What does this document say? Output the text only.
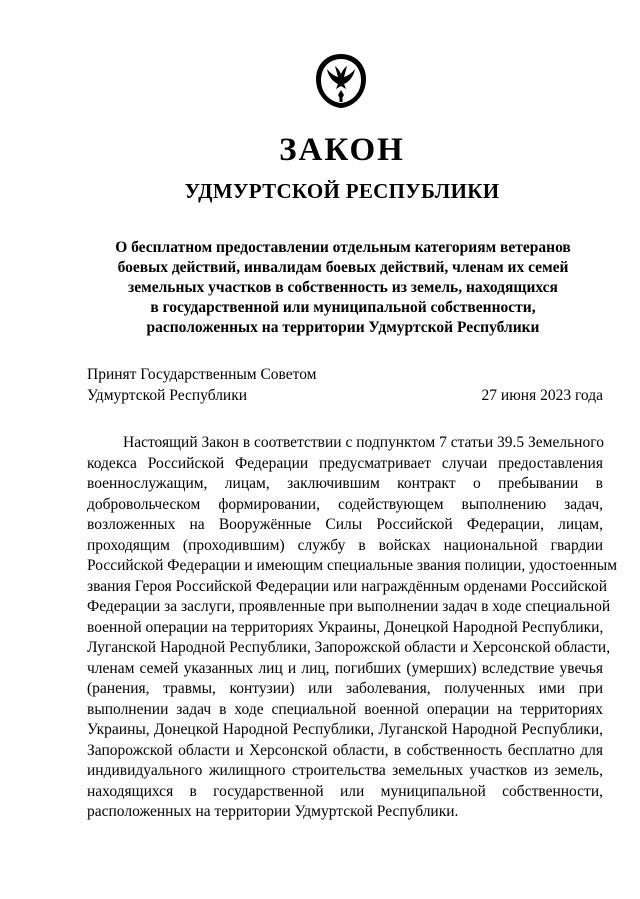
ЗАКОН
УДМУРТСКОЙ РЕСПУБЛИКИ
О бесплатном предоставлении отдельным категориям ветеранов
боевых действий, инвалидам боевых действий, членам их семей
земельных участков в собственность из земель, находящихся
в государственной или муниципальной собственности,
расположенных на территории Удмуртской Республики
Принят Государственным Советом
Удмуртской Республики	27 июня 2023 года
Настоящий Закон в соответствии с подпунктом 7 статьи 39.5 Земельного
кодекса Российской Федерации предусматривает случаи предоставления
военнослужащим, лицам, заключившим контракт о пребывании в
добровольческом формировании, содействующем выполнению задач,
возложенных на Вооружённые Силы Российской Федерации, лицам,
проходящим (проходившим) службу в войсках национальной гвардии
Российской Федерации и имеющим специальные звания полиции, удостоенным
звания Героя Российской Федерации или награждённым орденами Российской
Федерации за заслуги, проявленные при выполнении задач в ходе специальной
военной операции на территориях Украины, Донецкой Народной Республики,
Луганской Народной Республики, Запорожской области и Херсонской области,
членам семей указанных лиц и лиц, погибших (умерших) вследствие увечья
(ранения, травмы, контузии) или заболевания, полученных ими при
выполнении задач в ходе специальной военной операции на территориях
Украины, Донецкой Народной Республики, Луганской Народной Республики,
Запорожской области и Херсонской области, в собственность бесплатно для
индивидуального жилищного строительства земельных участков из земель,
находящихся в государственной или муниципальной собственности,
расположенных на территории Удмуртской Республики.
